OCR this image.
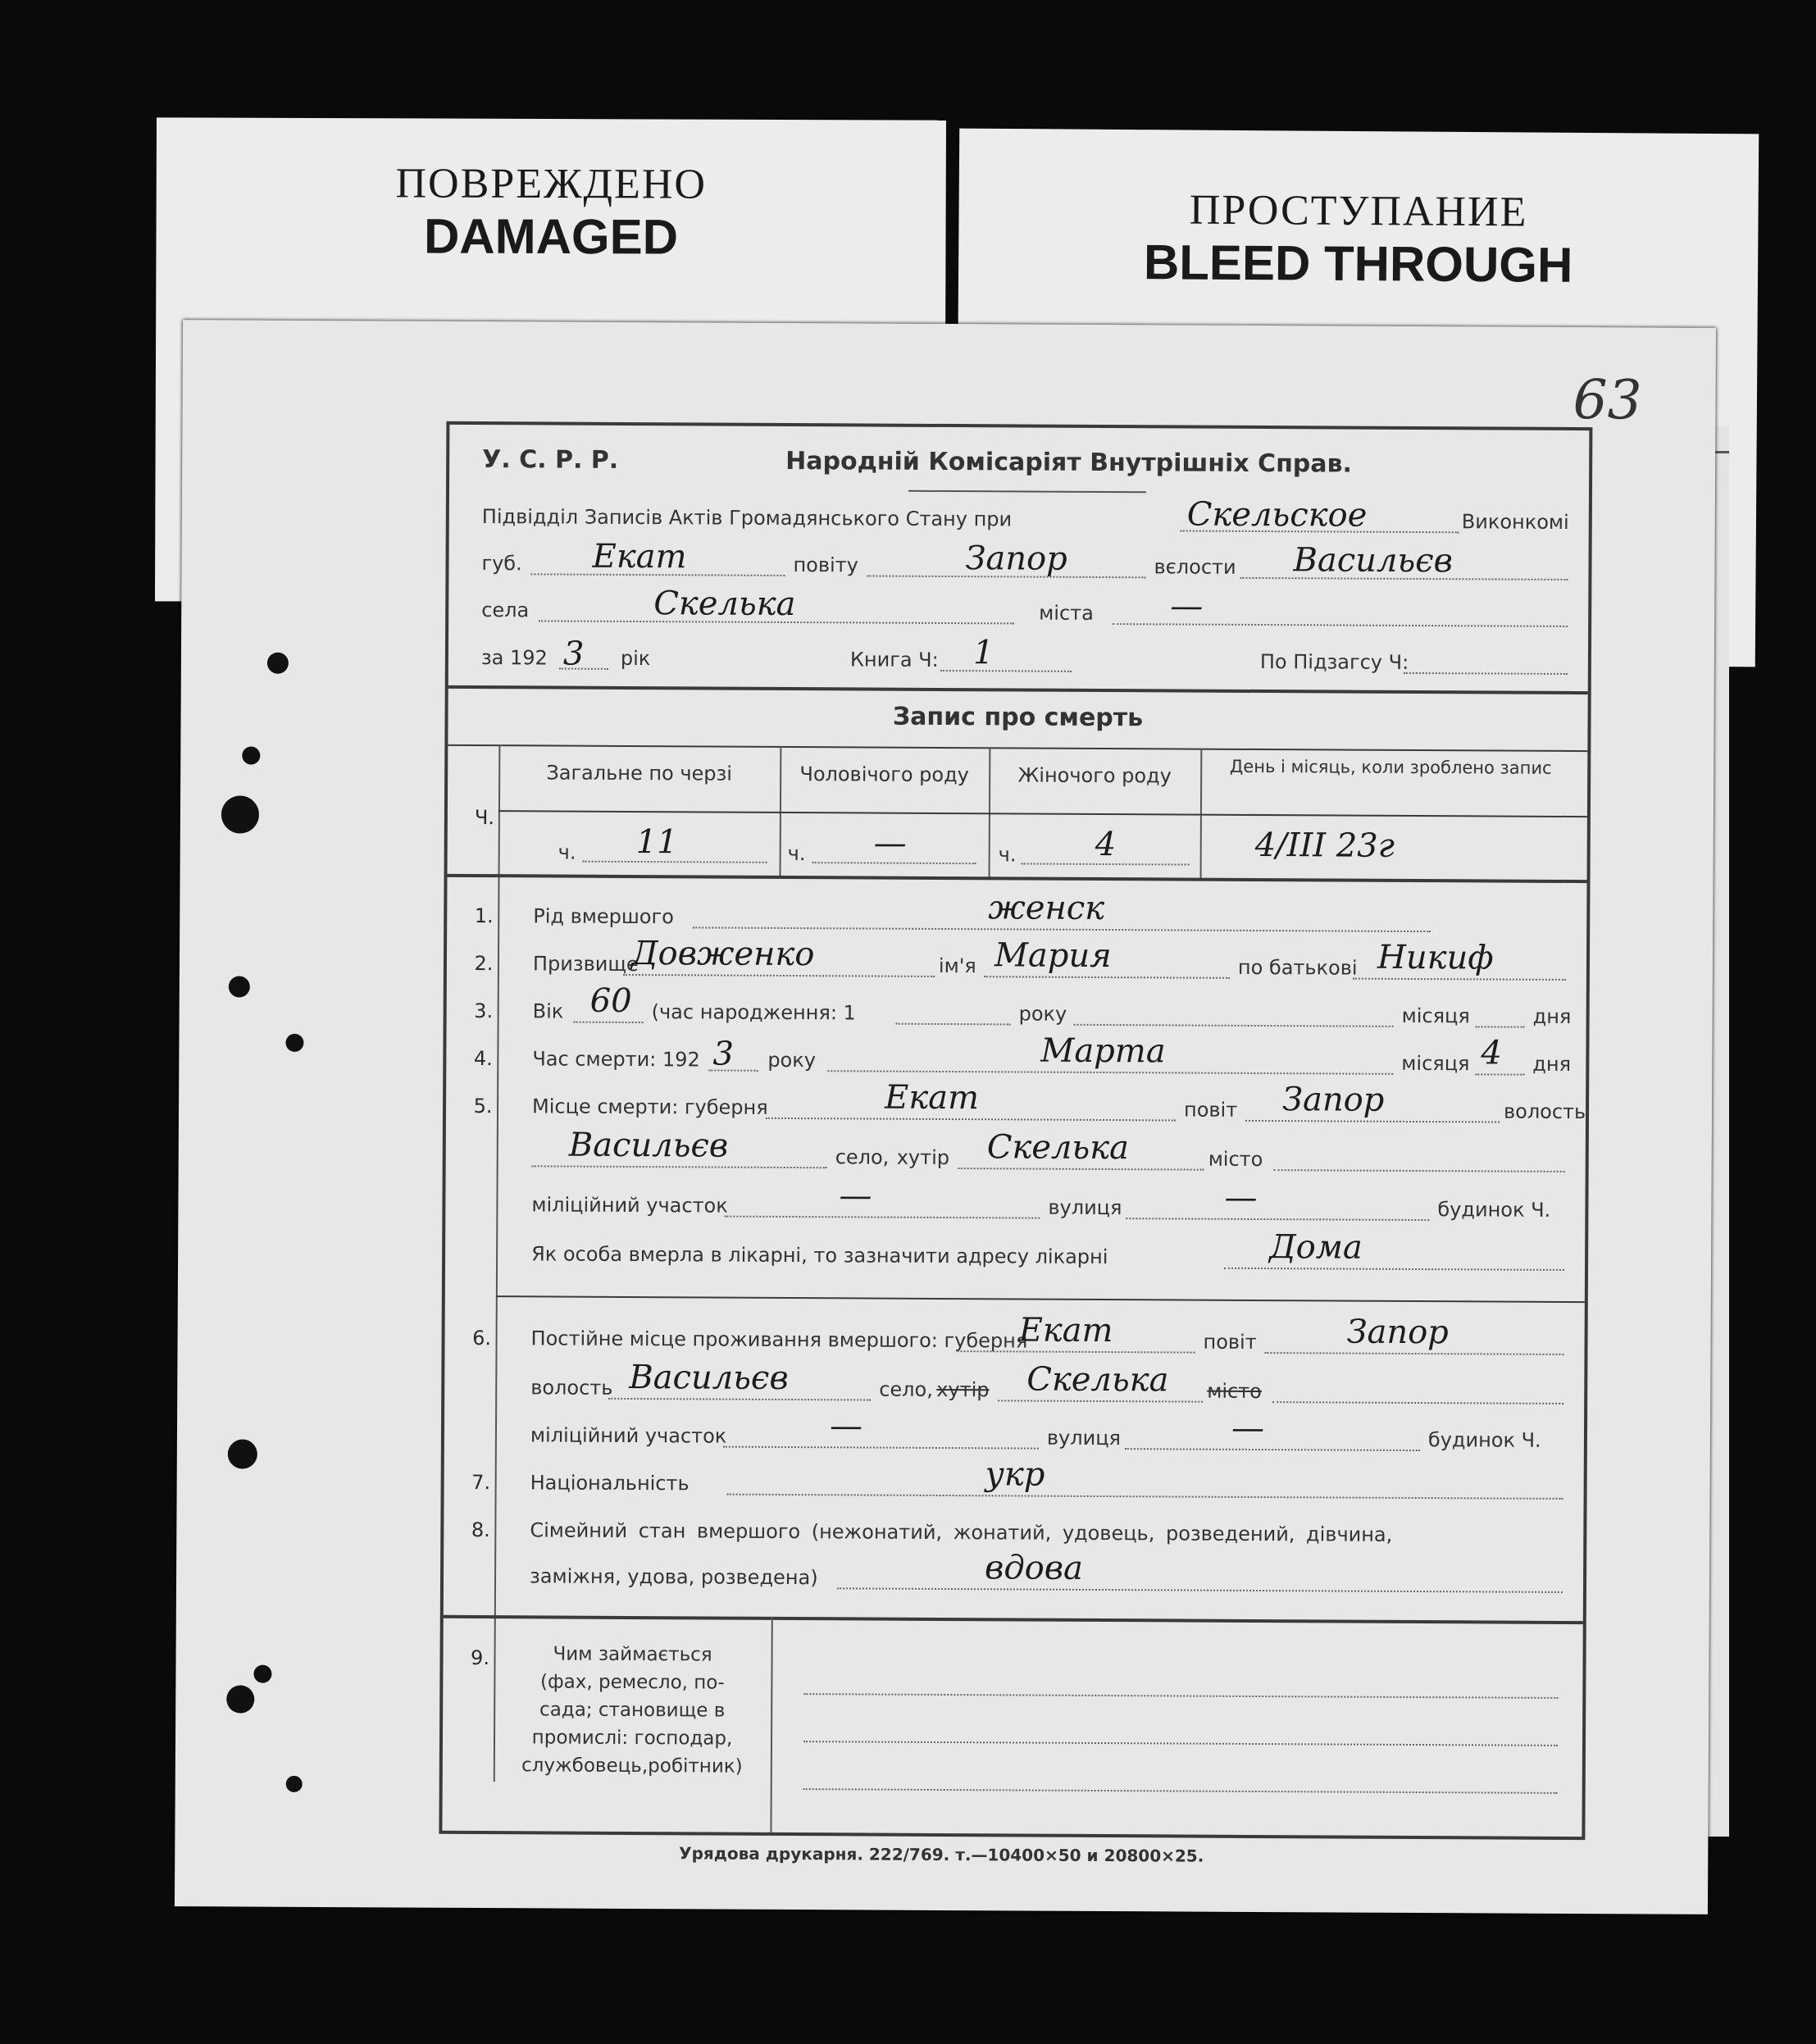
ПОВРЕЖДЕНО
DAMAGED	ПРОСТУПАНИЕ
BLEED THROUGH
63
У. С. Р. Р.	Народній Комісаріят Внутрішніх Справ.
Підвідділ Записів Актів Громадянського Стану при	Скельское	Виконкомі
губ. Екат	повіту	Запор	вєлости Васильєв
села	Скелька	міста —
за 192 3 рік	Книга Ч: 1	По Підзагсу Ч:
Запис про смерть
Ч.
Загальне по черзі	Чоловічого роду	Жіночого роду	День і місяць, коли зроблено запис
ч. 11	ч. —	ч. 4	4/III 23г
1.	Рід вмершого	женск
2.	Призвище
Довженко	ім'я Мария	по батькові Никиф
3.	Вік 60 (час народження: 1	року	місяця	дня
4.	Час смерти: 192 3 року	Марта	місяця 4 дня
5.	Місце смерти: губерня	Екат	повіт Запор	волость
Васильєв	село, хутір Скелька	місто
міліційний участок	—	вулиця	—	будинок Ч.
Як особа вмерла в лікарні, то зазначити адресу лікарні	Дома
6.	Постійне місце проживання вмершого: губерня
Екат	повіт	Запор
волость Васильєв	село, хутір Скелька місто
міліційний участок	—	вулиця	—	будинок Ч.
7.	Національність	укр
8.	Сімейний стан вмершого (нежонатий, жонатий, удовець, розведений, дівчина,
заміжня, удова, розведена)	вдова
9.	Чим займається
(фах, ремесло, по-
сада; становище в
промислі: господар,
службовець,робітник)
Урядова друкарня. 222/769. т.—10400×50 и 20800×25.
